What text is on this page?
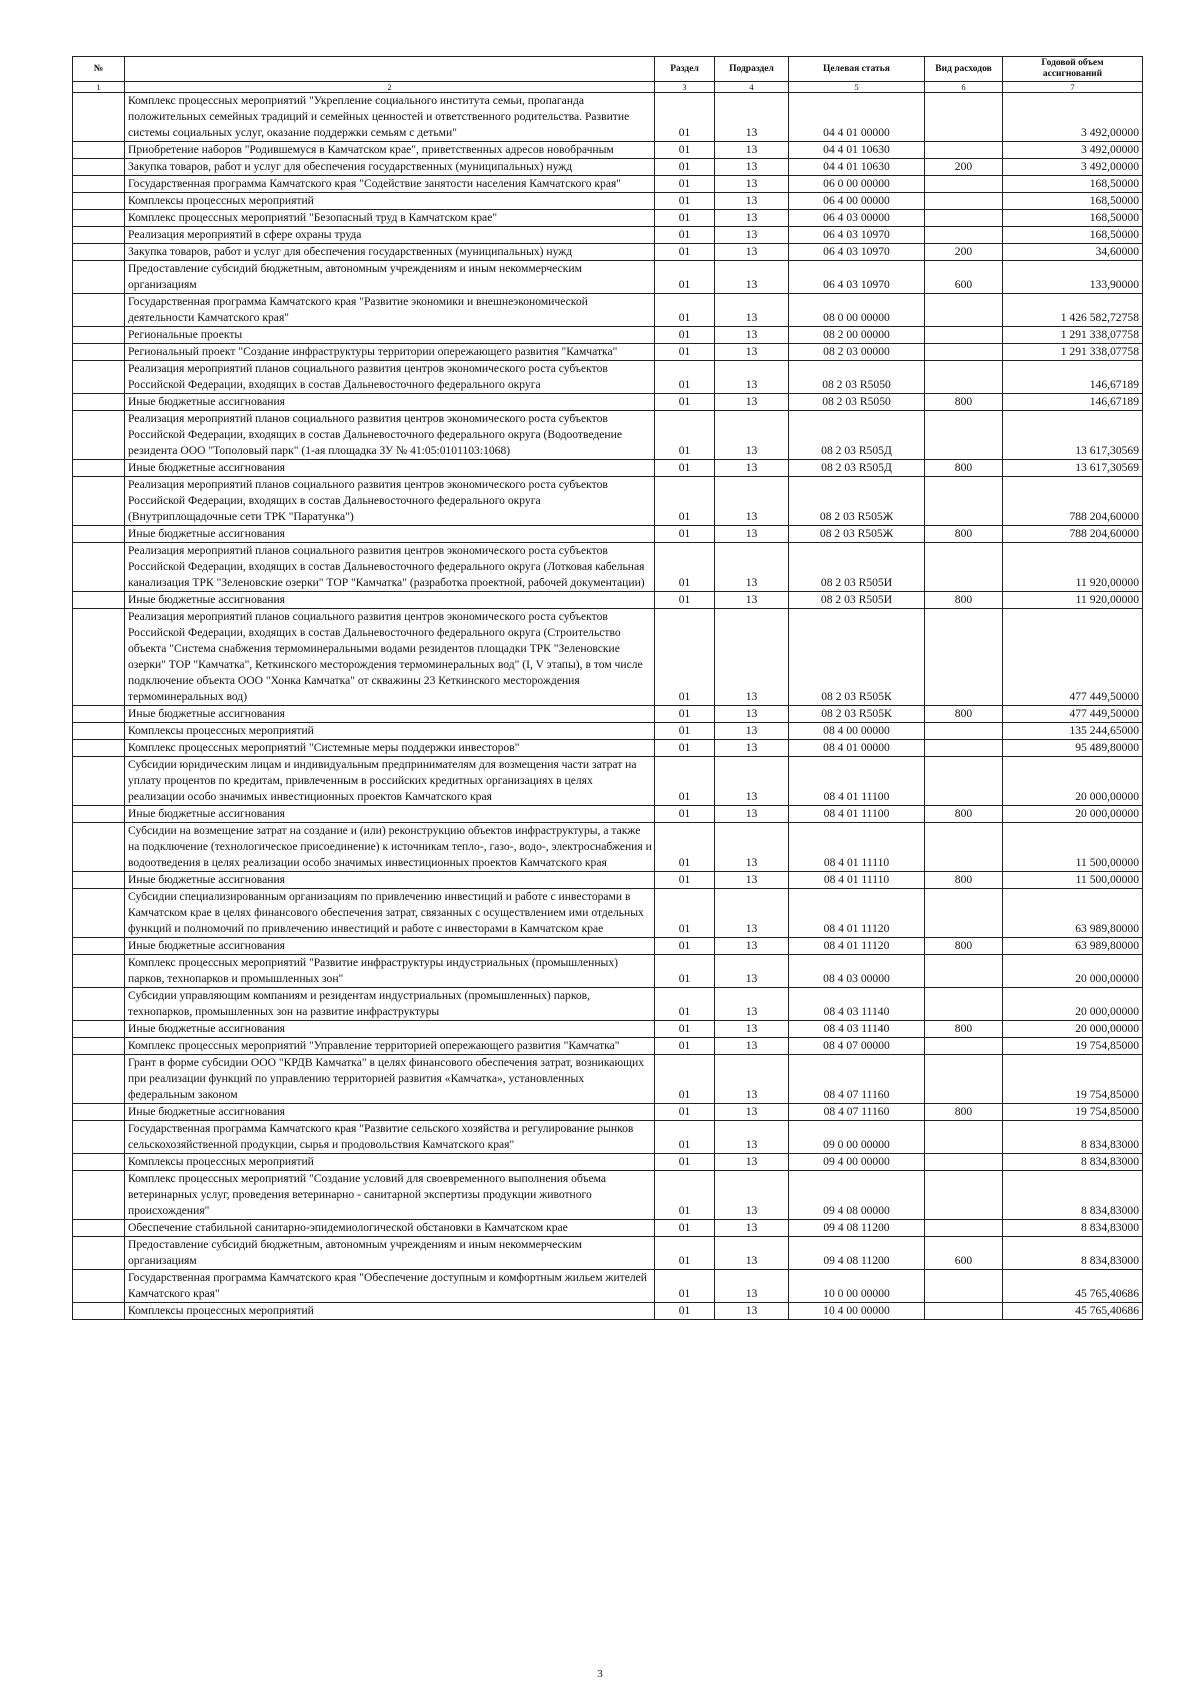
№		Раздел	Подраздел	Целевая статья	Вид расходов	Годовой объем
ассигнований

1	2	3	4	5	6	7
	Комплекс процессных мероприятий "Укрепление социального института семьи, пропаганда положительных семейных традиций и семейных ценностей и ответственного родительства. Развитие системы социальных услуг, оказание поддержки семьям с детьми"	01	13	04 4 01 00000		3 492,00000
	Приобретение наборов "Родившемуся в Камчатском крае", приветственных адресов новобрачным	01	13	04 4 01 10630		3 492,00000
	Закупка товаров, работ и услуг для обеспечения государственных (муниципальных) нужд	01	13	04 4 01 10630	200	3 492,00000
	Государственная программа Камчатского края "Содействие занятости населения Камчатского края"	01	13	06 0 00 00000		168,50000
	Комплексы процессных мероприятий	01	13	06 4 00 00000		168,50000
	Комплекс процессных мероприятий "Безопасный труд в Камчатском крае"	01	13	06 4 03 00000		168,50000
	Реализация мероприятий в сфере охраны труда	01	13	06 4 03 10970		168,50000
	Закупка товаров, работ и услуг для обеспечения государственных (муниципальных) нужд	01	13	06 4 03 10970	200	34,60000
	Предоставление субсидий бюджетным, автономным учреждениям и иным некоммерческим организациям	01	13	06 4 03 10970	600	133,90000
	Государственная программа Камчатского края "Развитие экономики и внешнеэкономической деятельности Камчатского края"	01	13	08 0 00 00000		1 426 582,72758
	Региональные проекты	01	13	08 2 00 00000		1 291 338,07758
	Региональный проект "Создание инфраструктуры территории опережающего развития "Камчатка"	01	13	08 2 03 00000		1 291 338,07758
	Реализация мероприятий планов социального развития центров экономического роста субъектов Российской Федерации, входящих в состав Дальневосточного федерального округа	01	13	08 2 03 R5050		146,67189
	Иные бюджетные ассигнования	01	13	08 2 03 R5050	800	146,67189
	Реализация мероприятий планов социального развития центров экономического роста субъектов Российской Федерации, входящих в состав Дальневосточного федерального округа (Водоотведение резидента ООО "Тополовый парк" (1-ая площадка ЗУ № 41:05:0101103:1068)	01	13	08 2 03 R505Д		13 617,30569
	Иные бюджетные ассигнования	01	13	08 2 03 R505Д	800	13 617,30569
	Реализация мероприятий планов социального развития центров экономического роста субъектов Российской Федерации, входящих в состав Дальневосточного федерального округа (Внутриплощадочные сети ТРК "Паратунка")	01	13	08 2 03 R505Ж		788 204,60000
	Иные бюджетные ассигнования	01	13	08 2 03 R505Ж	800	788 204,60000
	Реализация мероприятий планов социального развития центров экономического роста субъектов Российской Федерации, входящих в состав Дальневосточного федерального округа (Лотковая кабельная канализация ТРК "Зеленовские озерки" ТОР "Камчатка" (разработка проектной, рабочей документации)	01	13	08 2 03 R505И		11 920,00000
	Иные бюджетные ассигнования	01	13	08 2 03 R505И	800	11 920,00000
	Реализация мероприятий планов социального развития центров экономического роста субъектов Российской Федерации, входящих в состав Дальневосточного федерального округа (Строительство объекта "Система снабжения термоминеральными водами резидентов площадки ТРК "Зеленовские озерки" ТОР "Камчатка", Кеткинского месторождения термоминеральных вод" (I, V этапы), в том числе подключение объекта ООО "Хонка Камчатка" от скважины 23 Кеткинского месторождения термоминеральных вод)	01	13	08 2 03 R505К		477 449,50000
	Иные бюджетные ассигнования	01	13	08 2 03 R505К	800	477 449,50000
	Комплексы процессных мероприятий	01	13	08 4 00 00000		135 244,65000
	Комплекс процессных мероприятий "Системные меры поддержки инвесторов"	01	13	08 4 01 00000		95 489,80000
	Субсидии юридическим лицам и индивидуальным предпринимателям для возмещения части затрат на уплату процентов по кредитам, привлеченным в российских кредитных организациях в целях реализации особо значимых инвестиционных проектов Камчатского края	01	13	08 4 01 11100		20 000,00000
	Иные бюджетные ассигнования	01	13	08 4 01 11100	800	20 000,00000
	Субсидии на возмещение затрат на создание и (или) реконструкцию объектов инфраструктуры, а также на подключение (технологическое присоединение) к источникам тепло-, газо-, водо-, электроснабжения и водоотведения в целях реализации особо значимых инвестиционных проектов Камчатского края	01	13	08 4 01 11110		11 500,00000
	Иные бюджетные ассигнования	01	13	08 4 01 11110	800	11 500,00000
	Субсидии специализированным организациям по привлечению инвестиций и работе с инвесторами в Камчатском крае в целях финансового обеспечения затрат, связанных с осуществлением ими отдельных функций и полномочий по привлечению инвестиций и работе с инвесторами в Камчатском крае	01	13	08 4 01 11120		63 989,80000
	Иные бюджетные ассигнования	01	13	08 4 01 11120	800	63 989,80000
	Комплекс процессных мероприятий "Развитие инфраструктуры индустриальных (промышленных) парков, технопарков и промышленных зон"	01	13	08 4 03 00000		20 000,00000
	Субсидии управляющим компаниям и резидентам индустриальных (промышленных) парков, технопарков, промышленных зон на развитие инфраструктуры	01	13	08 4 03 11140		20 000,00000
	Иные бюджетные ассигнования	01	13	08 4 03 11140	800	20 000,00000
	Комплекс процессных мероприятий "Управление территорией опережающего развития "Камчатка"	01	13	08 4 07 00000		19 754,85000
	Грант в форме субсидии ООО "КРДВ Камчатка" в целях финансового обеспечения затрат, возникающих при реализации функций по управлению территорией развития «Камчатка», установленных федеральным законом	01	13	08 4 07 11160		19 754,85000
	Иные бюджетные ассигнования	01	13	08 4 07 11160	800	19 754,85000
	Государственная программа Камчатского края "Развитие сельского хозяйства и регулирование рынков сельскохозяйственной продукции, сырья и продовольствия Камчатского края"	01	13	09 0 00 00000		8 834,83000
	Комплексы процессных мероприятий	01	13	09 4 00 00000		8 834,83000
	Комплекс процессных мероприятий "Создание условий для своевременного выполнения объема ветеринарных услуг, проведения ветеринарно - санитарной экспертизы продукции животного происхождения"	01	13	09 4 08 00000		8 834,83000
	Обеспечение стабильной санитарно-эпидемиологической обстановки в Камчатском крае	01	13	09 4 08 11200		8 834,83000
	Предоставление субсидий бюджетным, автономным учреждениям и иным некоммерческим организациям	01	13	09 4 08 11200	600	8 834,83000
	Государственная программа Камчатского края "Обеспечение доступным и комфортным жильем жителей Камчатского края"	01	13	10 0 00 00000		45 765,40686
	Комплексы процессных мероприятий	01	13	10 4 00 00000		45 765,40686
3
